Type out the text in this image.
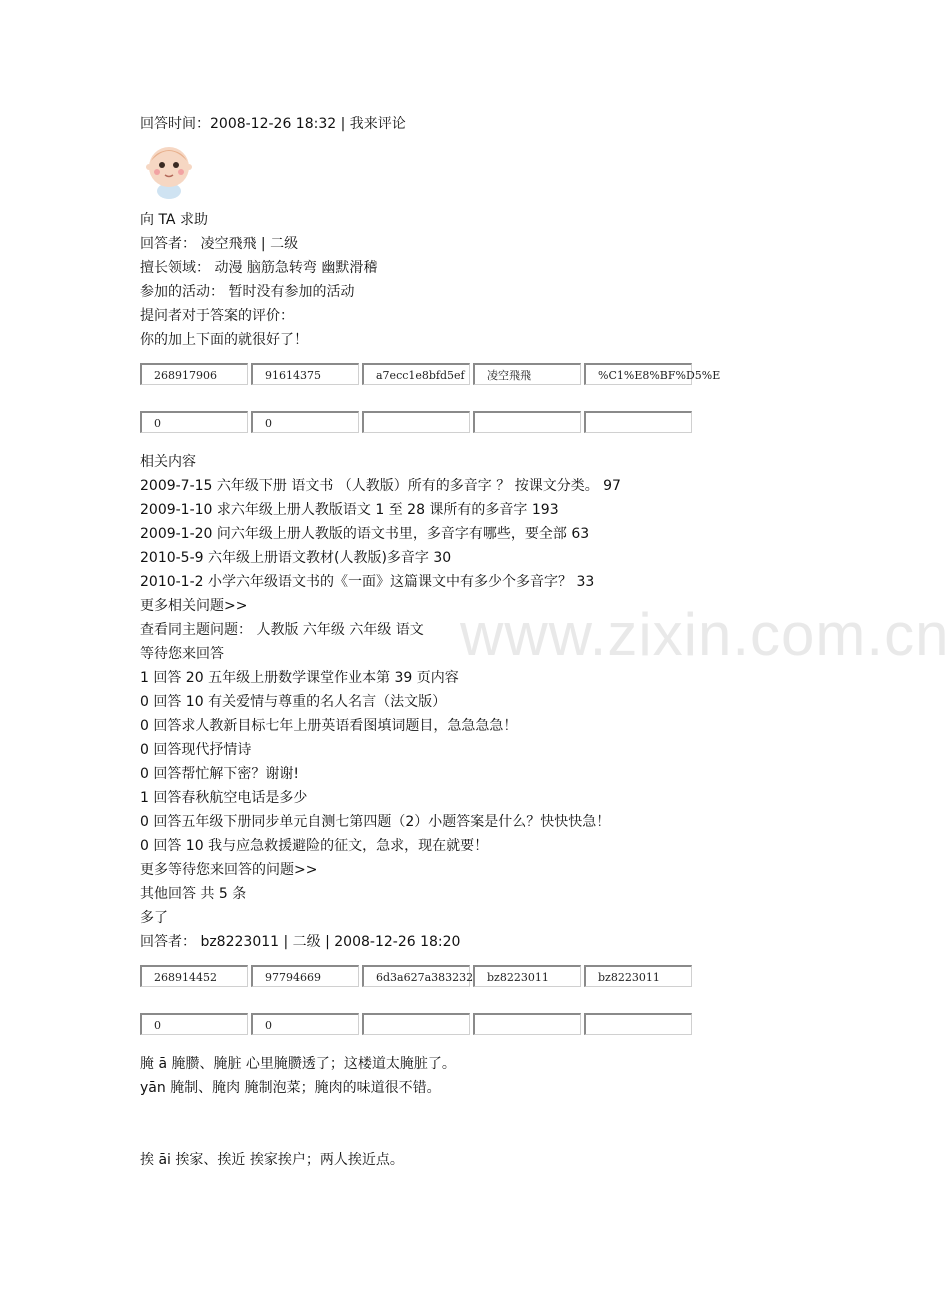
www.zixin.com.cn
回答时间：2008-12-26 18:32 | 我来评论
向 TA 求助
回答者： 凌空飛飛 | 二级
擅长领域： 动漫 脑筋急转弯 幽默滑稽
参加的活动： 暂时没有参加的活动
提问者对于答案的评价：
你的加上下面的就很好了！
268917906	91614375	a7ecc1e8bfd5ef	凌空飛飛	%C1%E8%BF%D5%E
0	0
相关内容
2009-7-15 六年级下册 语文书 （人教版）所有的多音字 ？ 按课文分类。 97
2009-1-10 求六年级上册人教版语文 1 至 28 课所有的多音字 193
2009-1-20 问六年级上册人教版的语文书里，多音字有哪些，要全部 63
2010-5-9 六年级上册语文教材(人教版)多音字 30
2010-1-2 小学六年级语文书的《一面》这篇课文中有多少个多音字？ 33
更多相关问题>>
查看同主题问题： 人教版 六年级 六年级 语文
等待您来回答
1 回答 20 五年级上册数学课堂作业本第 39 页内容
0 回答 10 有关爱情与尊重的名人名言（法文版）
0 回答求人教新目标七年上册英语看图填词题目，急急急急！
0 回答现代抒情诗
0 回答帮忙解下密？谢谢!
1 回答春秋航空电话是多少
0 回答五年级下册同步单元自测七第四题（2）小题答案是什么？快快快急！
0 回答 10 我与应急救援避险的征文，急求，现在就要！
更多等待您来回答的问题>>
其他回答 共 5 条
多了
回答者： bz8223011 | 二级 | 2008-12-26 18:20
268914452	97794669	6d3a627a383232	bz8223011	bz8223011
0	0
腌 ā 腌臜、腌脏 心里腌臜透了；这楼道太腌脏了。
yān 腌制、腌肉 腌制泡菜；腌肉的味道很不错。
挨 āi 挨家、挨近 挨家挨户；两人挨近点。
